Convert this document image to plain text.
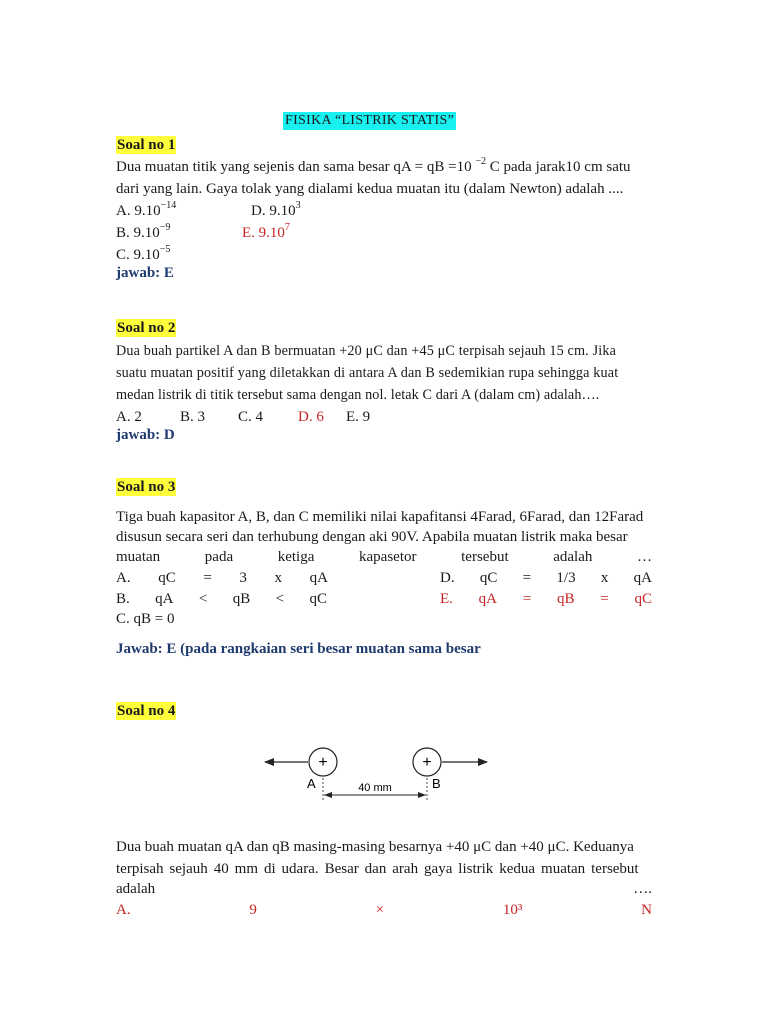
FISIKA “LISTRIK STATIS”
Soal no 1
Dua muatan titik yang sejenis dan sama besar qA = qB =10 $^{-2}$ C pada jarak10 cm satu
dari yang lain. Gaya tolak yang dialami kedua muatan itu (dalam Newton) adalah ....
A. $9.10^{-14}$	D. 9.10$^3$
B. $9.10^{-9}$	E. 9.10$^7$
C. $9.10^{-5}$
jawab: E
Soal no 2
Dua buah partikel A dan B bermuatan +20 μC dan +45 μC terpisah sejauh 15 cm. Jika
suatu muatan positif yang diletakkan di antara A dan B sedemikian rupa sehingga kuat
medan listrik di titik tersebut sama dengan nol. letak C dari A (dalam cm) adalah….
A. 2	B. 3 C. 4 D. 6 E. 9
jawab: D
Soal no 3
Tiga buah kapasitor A, B, dan C memiliki nilai kapafitansi 4Farad, 6Farad, dan 12Farad
disusun secara seri dan terhubung dengan aki 90V. Apabila muatan listrik maka besar
muatan	pada	ketiga	kapasetor	tersebut	adalah	…
A. qC = 3 x qA	D. qC = 1/3 x qA
B. qA < qB < qC	E. qA = qB = qC
C. qB = 0
Jawab: E (pada rangkaian seri besar muatan sama besar
Soal no 4
+	+
A	B
40 mm
Dua buah muatan qA dan qB masing-masing besarnya +40 μC dan +40 μC. Keduanya
terpisah sejauh 40 mm di udara. Besar dan arah gaya listrik kedua muatan tersebut
adalah	….
A.	9	×	10³	N
